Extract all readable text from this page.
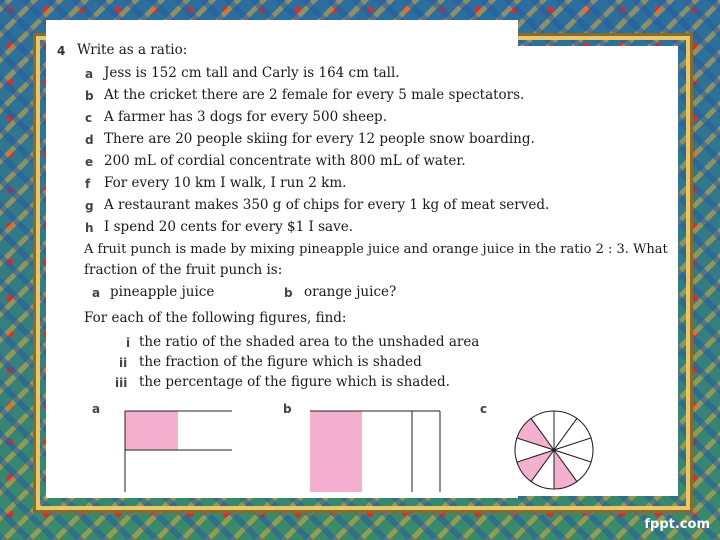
4 Write as a ratio:
a Jess is 152 cm tall and Carly is 164 cm tall.
b At the cricket there are 2 female for every 5 male spectators.
c A farmer has 3 dogs for every 500 sheep.
d There are 20 people skiing for every 12 people snow boarding.
e 200 mL of cordial concentrate with 800 mL of water.
f For every 10 km I walk, I run 2 km.
g A restaurant makes 350 g of chips for every 1 kg of meat served.
h I spend 20 cents for every $1 I save.
A fruit punch is made by mixing pineapple juice and orange juice in the ratio 2 : 3. What
fraction of the fruit punch is:
a pineapple juice	b orange juice?
For each of the following figures, find:
i the ratio of the shaded area to the unshaded area
ii the fraction of the figure which is shaded
iii the percentage of the figure which is shaded.
a	b	c
fppt.com
